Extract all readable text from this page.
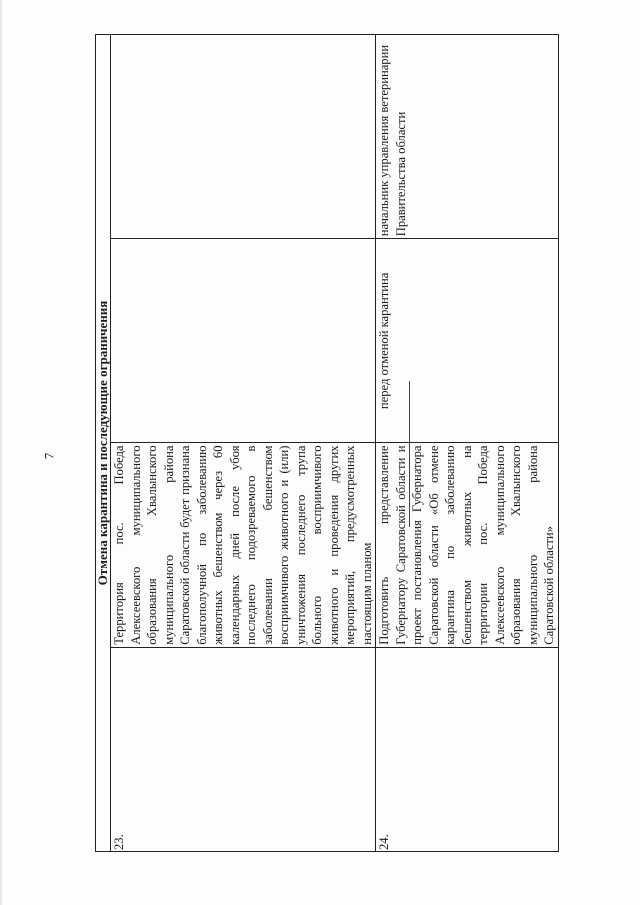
7	Отмена карантина и последующие ограничения			
23.	Территория пос. Победа Алексеевского муниципального образования Хвалынского муниципального района Саратовской области будет признана благополучной по заболеванию животных бешенством через 60 календарных дней после убоя последнего подозреваемого в заболевании бешенством восприимчивого животного и (или) уничтожения последнего трупа больного восприимчивого животного и проведения других мероприятий, предусмотренных настоящим планом		
24.	Подготовить представление Губернатору Саратовской области и проект постановления Губернатора Саратовской области «Об отмене карантина по заболеванию бешенством животных на территории пос. Победа Алексеевского муниципального образования Хвалынского муниципального района Саратовской области»	перед отменой карантина	начальник управления ветеринарии Правительства области
